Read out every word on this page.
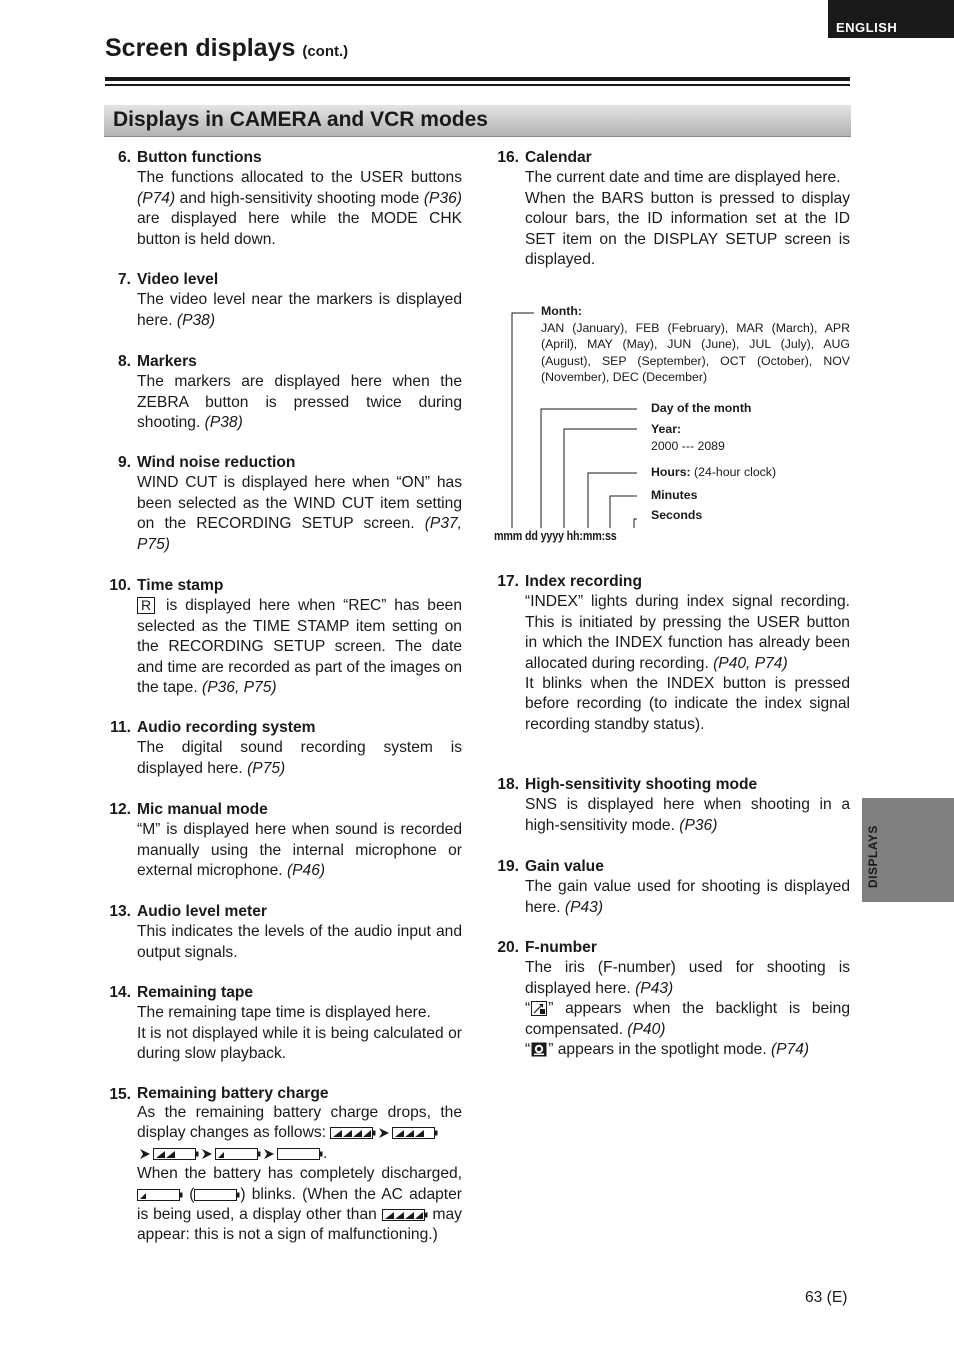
ENGLISH
Screen displays (cont.)
Displays in CAMERA and VCR modes
DISPLAYS
6. Button functions
The functions allocated to the USER buttons (P74) and high-sensitivity shooting mode (P36) are displayed here while the MODE CHK button is held down.
7. Video level
The video level near the markers is displayed here. (P38)
8. Markers
The markers are displayed here when the ZEBRA button is pressed twice during shooting. (P38)
9. Wind noise reduction
WIND CUT is displayed here when “ON” has been selected as the WIND CUT item setting on the RECORDING SETUP screen. (P37, P75)
10. Time stamp
R is displayed here when “REC” has been selected as the TIME STAMP item setting on the RECORDING SETUP screen. The date and time are recorded as part of the images on the tape. (P36, P75)
11. Audio recording system
The digital sound recording system is displayed here. (P75)
12. Mic manual mode
“M” is displayed here when sound is recorded manually using the internal microphone or external microphone. (P46)
13. Audio level meter
This indicates the levels of the audio input and output signals.
14. Remaining tape
The remaining tape time is displayed here.
It is not displayed while it is being calculated or during slow playback.
15. Remaining battery charge
As the remaining battery charge drops, the display changes as follows:
.
When the battery has completely discharged,  (	) blinks. (When the AC adapter is being used, a display other than	may appear: this is not a sign of malfunctioning.)
16. Calendar
The current date and time are displayed here.
When the BARS button is pressed to display colour bars, the ID information set at the ID SET item on the DISPLAY SETUP screen is displayed.
Month:
JAN (January), FEB (February), MAR (March), APR (April), MAY (May), JUN (June), JUL (July), AUG (August), SEP (September), OCT (October), NOV (November), DEC (December)
Day of the month
Year:
2000 --- 2089
Hours: (24-hour clock)
Minutes
Seconds
mmm dd yyyy hh:mm:ss
17. Index recording
“INDEX” lights during index signal recording. This is initiated by pressing the USER button in which the INDEX function has already been allocated during recording. (P40, P74)
It blinks when the INDEX button is pressed before recording (to indicate the index signal recording standby status).
18. High-sensitivity shooting mode
SNS is displayed here when shooting in a high-sensitivity mode. (P36)
19. Gain value
The gain value used for shooting is displayed here. (P43)
20. F-number
The iris (F-number) used for shooting is displayed here. (P43)
“ ” appears when the backlight is being compensated. (P40)
“ ” appears in the spotlight mode. (P74)
63 (E)
